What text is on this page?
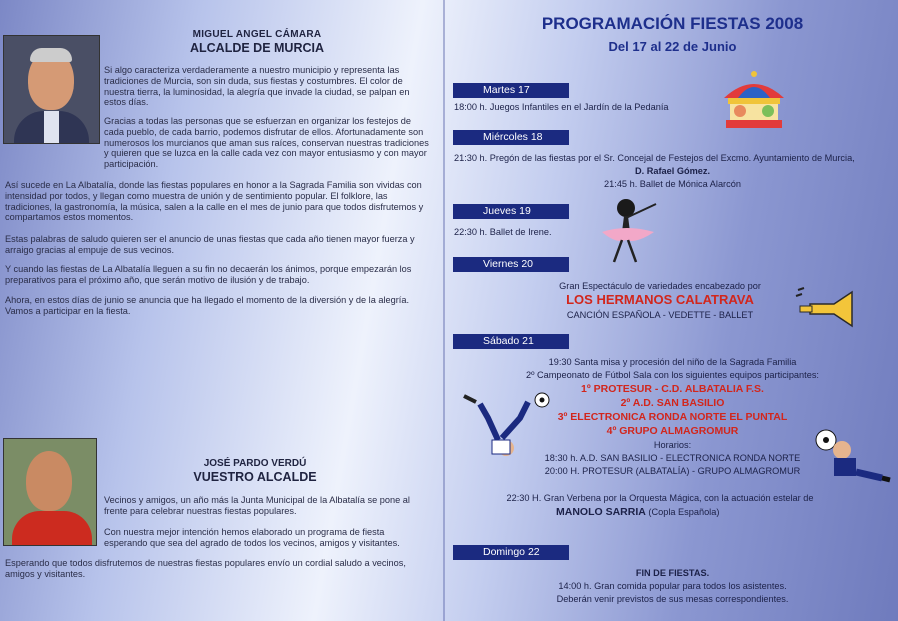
MIGUEL ANGEL CÁMARA
ALCALDE DE MURCIA

Si algo caracteriza verdaderamente a nuestro municipio y representa las tradiciones de Murcia, son sin duda, sus fiestas y costumbres. El color de nuestra tierra, la luminosidad, la alegría que invade la ciudad, se palpan en estos días.

Gracias a todas las personas que se esfuerzan en organizar los festejos de cada pueblo, de cada barrio, podemos disfrutar de ellos. Afortunadamente son numerosos los murcianos que aman sus raíces, conservan nuestras tradiciones y quieren que se luzca en la calle cada vez con mayor entusiasmo y con mayor participación.

Así sucede en La Albatalía, donde las fiestas populares en honor a la Sagrada Familia son vividas con intensidad por todos, y llegan como muestra de unión y de sentimiento popular. El folklore, las tradiciones, la gastronomía, la música, salen a la calle en el mes de junio para que todos disfrutemos y compartamos estos momentos.

Estas palabras de saludo quieren ser el anuncio de unas fiestas que cada año tienen mayor fuerza y arraigo gracias al empuje de sus vecinos.

Y cuando las fiestas de La Albatalía lleguen a su fin no decaerán los ánimos, porque empezarán los preparativos para el próximo año, que serán motivo de ilusión y de trabajo.

Ahora, en estos días de junio se anuncia que ha llegado el momento de la diversión y de la alegría. Vamos a participar en la fiesta.

JOSÉ PARDO VERDÚ
VUESTRO ALCALDE

Vecinos y amigos, un año más la Junta Municipal de la Albatalía se pone al frente para celebrar nuestras fiestas populares.

Con nuestra mejor intención hemos elaborado un programa de fiesta esperando que sea del agrado de todos los vecinos, amigos y visitantes.

Esperando que todos disfrutemos de nuestras fiestas populares envío un cordial saludo a vecinos, amigos y visitantes.

PROGRAMACIÓN FIESTAS 2008
Del 17 al 22 de Junio
Martes 17

18:00 h. Juegos Infantiles en el Jardín de la Pedanía

Miércoles 18

21:30 h. Pregón de las fiestas por el Sr. Concejal de Festejos del Excmo. Ayuntamiento de Murcia,

D. Rafael Gómez.

21:45 h. Ballet de Mónica Alarcón

Jueves 19

22:30 h. Ballet de Irene.

Viernes 20

Gran Espectáculo de variedades encabezado por

LOS HERMANOS CALATRAVA

CANCIÓN ESPAÑOLA - VEDETTE - BALLET

Sábado 21

19:30 Santa misa y procesión del niño de la Sagrada Familia

2º Campeonato de Fútbol Sala con los siguientes equipos participantes:

1º PROTESUR - C.D. ALBATALIA F.S.

2º A.D. SAN BASILIO

3º ELECTRONICA RONDA NORTE EL PUNTAL

4º GRUPO ALMAGROMUR

Horarios:

18:30 h. A.D. SAN BASILIO - ELECTRONICA RONDA NORTE

20:00 H. PROTESUR (ALBATALÍA) - GRUPO ALMAGROMUR

22:30 H. Gran Verbena por la Orquesta Mágica, con la actuación estelar de

MANOLO SARRIA (Copla Española)

Domingo 22

FIN DE FIESTAS.

14:00 h. Gran comida popular para todos los asistentes.

Deberán venir previstos de sus mesas correspondientes.
